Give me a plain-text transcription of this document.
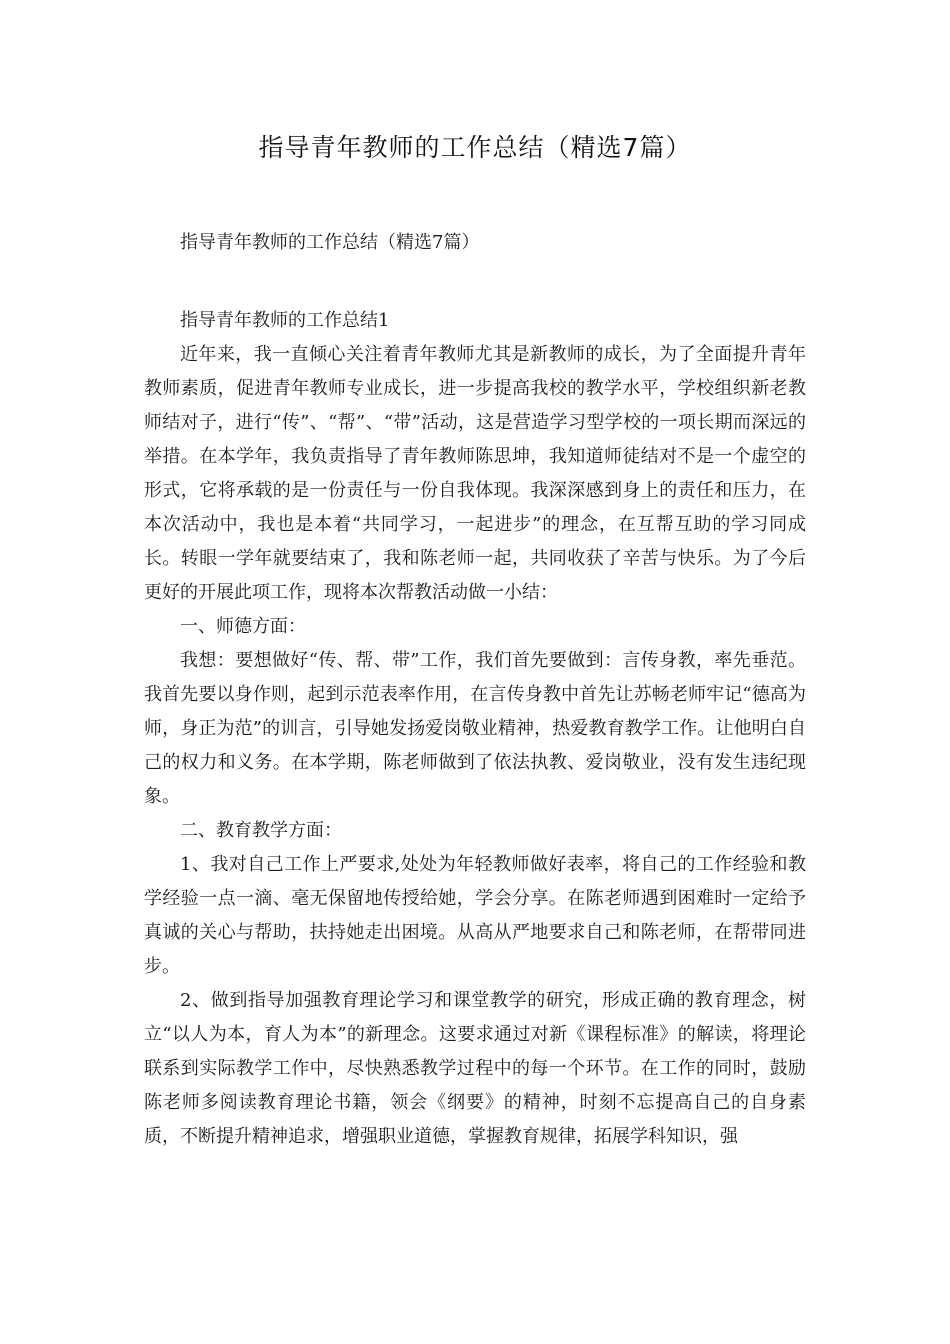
指导青年教师的工作总结（精选7篇）

指导青年教师的工作总结（精选7篇）

指导青年教师的工作总结1

近年来，我一直倾心关注着青年教师尤其是新教师的成长，为了全面提升青年教师素质，促进青年教师专业成长，进一步提高我校的教学水平，学校组织新老教师结对子，进行“传”、“帮”、“带”活动，这是营造学习型学校的一项长期而深远的举措。在本学年，我负责指导了青年教师陈思坤，我知道师徒结对不是一个虚空的形式，它将承载的是一份责任与一份自我体现。我深深感到身上的责任和压力，在本次活动中，我也是本着“共同学习，一起进步”的理念，在互帮互助的学习同成长。转眼一学年就要结束了，我和陈老师一起，共同收获了辛苦与快乐。为了今后更好的开展此项工作，现将本次帮教活动做一小结：

一、师德方面：

我想：要想做好“传、帮、带”工作，我们首先要做到：言传身教，率先垂范。我首先要以身作则，起到示范表率作用，在言传身教中首先让苏畅老师牢记“德高为师，身正为范”的训言，引导她发扬爱岗敬业精神，热爱教育教学工作。让他明白自己的权力和义务。在本学期，陈老师做到了依法执教、爱岗敬业，没有发生违纪现象。

二、教育教学方面：

1、我对自己工作上严要求,处处为年轻教师做好表率，将自己的工作经验和教学经验一点一滴、毫无保留地传授给她，学会分享。在陈老师遇到困难时一定给予真诚的关心与帮助，扶持她走出困境。从高从严地要求自己和陈老师，在帮带同进步。

2、做到指导加强教育理论学习和课堂教学的研究，形成正确的教育理念，树立“以人为本，育人为本”的新理念。这要求通过对新《课程标准》的解读，将理论联系到实际教学工作中，尽快熟悉教学过程中的每一个环节。在工作的同时，鼓励陈老师多阅读教育理论书籍，领会《纲要》的精神，时刻不忘提高自己的自身素质，不断提升精神追求，增强职业道德，掌握教育规律，拓展学科知识，强
